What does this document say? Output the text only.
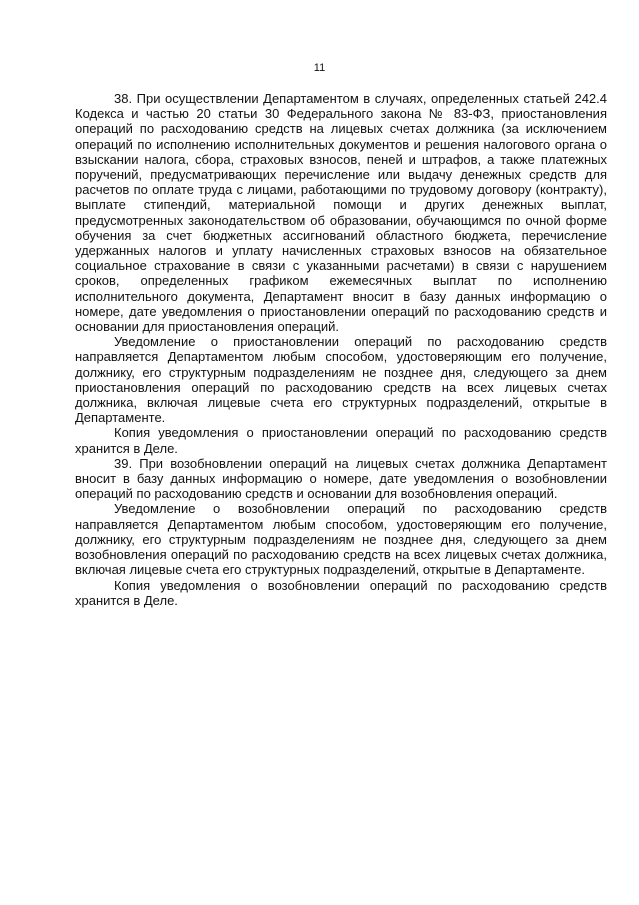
11

38. При осуществлении Департаментом в случаях, определенных статьей 242.4 Кодекса и частью 20 статьи 30 Федерального закона № 83-ФЗ, приостановления операций по расходованию средств на лицевых счетах должника (за исключением операций по исполнению исполнительных документов и решения налогового органа о взыскании налога, сбора, страховых взносов, пеней и штрафов, а также платежных поручений, предусматривающих перечисление или выдачу денежных средств для расчетов по оплате труда с лицами, работающими по трудовому договору (контракту), выплате стипендий, материальной помощи и других денежных выплат, предусмотренных законодательством об образовании, обучающимся по очной форме обучения за счет бюджетных ассигнований областного бюджета, перечисление удержанных налогов и уплату начисленных страховых взносов на обязательное социальное страхование в связи с указанными расчетами) в связи с нарушением сроков, определенных графиком ежемесячных выплат по исполнению исполнительного документа, Департамент вносит в базу данных информацию о номере, дате уведомления о приостановлении операций по расходованию средств и основании для приостановления операций.

Уведомление о приостановлении операций по расходованию средств направляется Департаментом любым способом, удостоверяющим его получение, должнику, его структурным подразделениям не позднее дня, следующего за днем приостановления операций по расходованию средств на всех лицевых счетах должника, включая лицевые счета его структурных подразделений, открытые в Департаменте.

Копия уведомления о приостановлении операций по расходованию средств хранится в Деле.

39. При возобновлении операций на лицевых счетах должника Департамент вносит в базу данных информацию о номере, дате уведомления о возобновлении операций по расходованию средств и основании для возобновления операций.

Уведомление о возобновлении операций по расходованию средств направляется Департаментом любым способом, удостоверяющим его получение, должнику, его структурным подразделениям не позднее дня, следующего за днем возобновления операций по расходованию средств на всех лицевых счетах должника, включая лицевые счета его структурных подразделений, открытые в Департаменте.

Копия уведомления о возобновлении операций по расходованию средств хранится в Деле.
